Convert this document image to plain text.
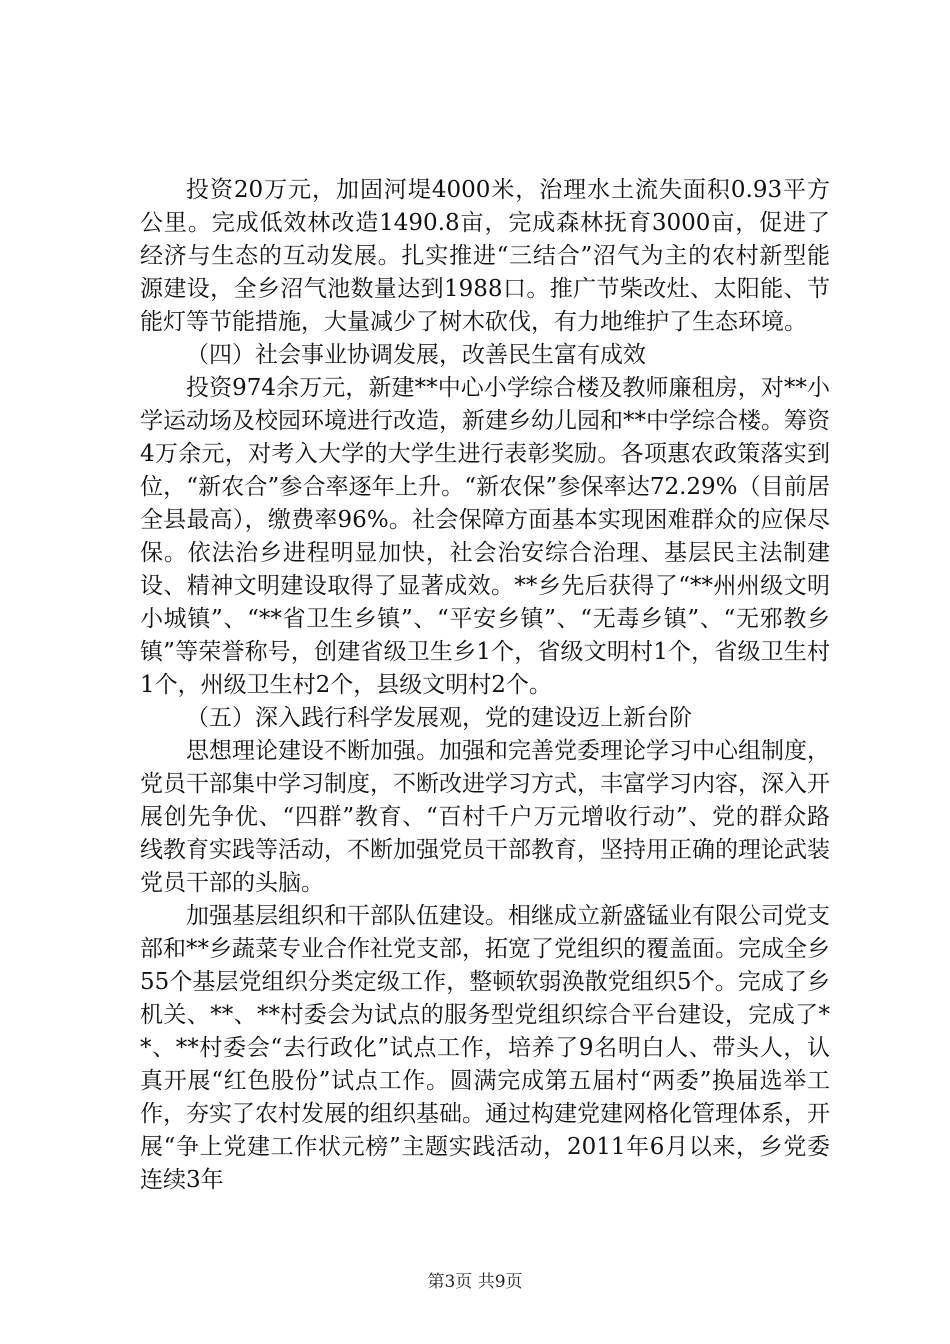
投资20万元，加固河堤4000米，治理水土流失面积0.93平方公里。完成低效林改造1490.8亩，完成森林抚育3000亩，促进了经济与生态的互动发展。扎实推进“三结合”沼气为主的农村新型能源建设，全乡沼气池数量达到1988口。推广节柴改灶、太阳能、节能灯等节能措施，大量减少了树木砍伐，有力地维护了生态环境。

（四）社会事业协调发展，改善民生富有成效

投资974余万元，新建**中心小学综合楼及教师廉租房，对**小学运动场及校园环境进行改造，新建乡幼儿园和**中学综合楼。筹资4万余元，对考入大学的大学生进行表彰奖励。各项惠农政策落实到位，“新农合”参合率逐年上升。“新农保”参保率达72.29%（目前居全县最高），缴费率96%。社会保障方面基本实现困难群众的应保尽保。依法治乡进程明显加快，社会治安综合治理、基层民主法制建设、精神文明建设取得了显著成效。**乡先后获得了“**州州级文明小城镇”、“**省卫生乡镇”、“平安乡镇”、“无毒乡镇”、“无邪教乡镇”等荣誉称号，创建省级卫生乡1个，省级文明村1个，省级卫生村1个，州级卫生村2个，县级文明村2个。

（五）深入践行科学发展观，党的建设迈上新台阶

思想理论建设不断加强。加强和完善党委理论学习中心组制度，党员干部集中学习制度，不断改进学习方式，丰富学习内容，深入开展创先争优、“四群”教育、“百村千户万元增收行动”、党的群众路线教育实践等活动，不断加强党员干部教育，坚持用正确的理论武装党员干部的头脑。

加强基层组织和干部队伍建设。相继成立新盛锰业有限公司党支部和**乡蔬菜专业合作社党支部，拓宽了党组织的覆盖面。完成全乡55个基层党组织分类定级工作，整顿软弱涣散党组织5个。完成了乡机关、**、**村委会为试点的服务型党组织综合平台建设，完成了**、**村委会“去行政化”试点工作，培养了9名明白人、带头人，认真开展“红色股份”试点工作。圆满完成第五届村“两委”换届选举工作，夯实了农村发展的组织基础。通过构建党建网格化管理体系，开展“争上党建工作状元榜”主题实践活动，2011年6月以来，乡党委连续3年

第3页 共9页
